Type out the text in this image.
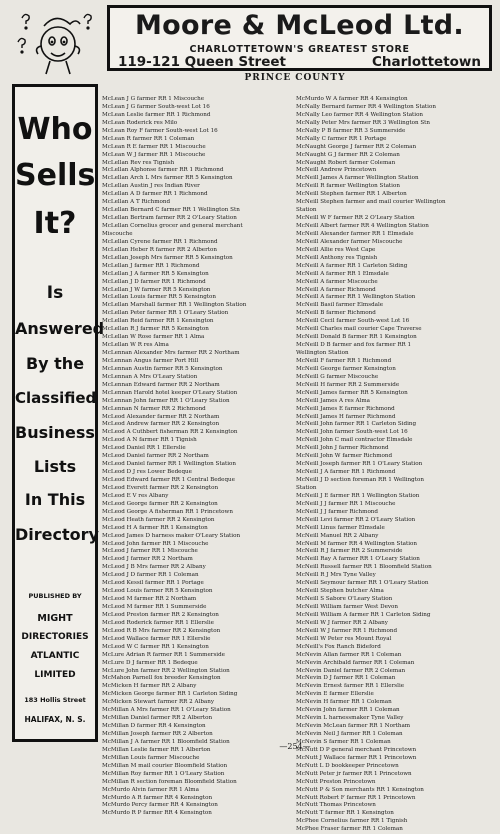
Moore & McLeod Ltd.
CHARLOTTETOWN'S GREATEST STORE
119-121 Queen Street	Charlottetown
PRINCE COUNTY
Who
Sells
It?
Is
Answered
By the
Classified
Business
Lists
In This
Directory
PUBLISHED BY
MIGHT
DIRECTORIES
ATLANTIC
LIMITED
183 Hollis Street
HALIFAX, N. S.
McLean J G farmer RR 1 Miscouche
McLean J G farmer South-west Lot 16
McLean Leslie farmer RR 1 Richmond
McLean Roderick res Milo
McLean Roy F farmer South-west Lot 16
McLean R farmer RR 1 Coleman
McLean R E farmer RR 1 Miscouche
McLean W J farmer RR 1 Miscouche
McLellan Rev res Tignish
McLellan Alphonse farmer RR 1 Richmond
McLellan Arch L Mrs farmer RR 5 Kensington
McLellan Austin J res Indian River
McLellan A D farmer RR 1 Richmond
McLellan A T Richmond
McLellan Bernard C farmer RR 1 Wellington Stn
McLellan Bertram farmer RR 2 O'Leary Station
McLellan Cornelius grocer and general merchant
Miscouche
McLellan Cyrene farmer RR 1 Richmond
McLellan Heber R farmer RR 2 Alberton
McLellan Joseph Mrs farmer RR 5 Kensington
McLellan J farmer RR 1 Richmond
McLellan J A farmer RR 5 Kensington
McLellan J D farmer RR 1 Richmond
McLellan J W farmer RR 5 Kensington
McLellan Louis farmer RR 5 Kensington
McLellan Marshall farmer RR 1 Wellington Station
McLellan Peter farmer RR 1 O'Leary Station
McLellan Reid farmer RR 1 Kensington
McLellan R J farmer RR 5 Kensington
McLellan W Rose farmer RR 1 Alma
McLellan W R res Alma
McLennan Alexander Mrs farmer RR 2 Northam
McLennan Angus farmer Port Hill
McLennan Austin farmer RR 5 Kensington
McLennan A Mrs O'Leary Station
McLennan Edward farmer RR 2 Northam
McLennan Harold hotel keeper O'Leary Station
McLennan John farmer RR 1 O'Leary Station
McLennan N farmer RR 2 Richmond
McLeod Alexander farmer RR 2 Northam
McLeod Andrew farmer RR 2 Kensington
McLeod A Cuthbert fisherman RR 2 Kensington
McLeod A N farmer RR 1 Tignish
McLeod Daniel RR 1 Ellerslie
McLeod Daniel farmer RR 2 Northam
McLeod Daniel farmer RR 1 Wellington Station
McLeod D J res Lower Bedeque
McLeod Edward farmer RR 1 Central Bedeque
McLeod Everett farmer RR 2 Kensington
McLeod E V res Albany
McLeod George farmer RR 2 Kensington
McLeod George A fisherman RR 1 Princetown
McLeod Heath farmer RR 2 Kensington
McLeod H A farmer RR 1 Kensington
McLeod James D harness maker O'Leary Station
McLeod John farmer RR 1 Miscouche
McLeod J farmer RR 1 Miscouche
McLeod J farmer RR 2 Northam
McLeod J B Mrs farmer RR 2 Albany
McLeod J D farmer RR 1 Coleman
McLeod Kessil farmer RR 1 Portage
McLeod Louis farmer RR 5 Kensington
McLeod M farmer RR 2 Northam
McLeod M farmer RR 1 Summerside
McLeod Preston farmer RR 2 Kensington
McLeod Roderick farmer RR 1 Ellerslie
McLeod R B Mrs farmer RR 2 Kensington
McLeod Wallace farmer RR 1 Ellerslie
McLeod W C farmer RR 1 Kensington
McLure Adrian R farmer RR 1 Summerside
McLure D J farmer RR 1 Bedeque
McLure John farmer RR 2 Wellington Station
McMahon Parnell fox breeder Kensington
McMicken H farmer RR 2 Albany
McMicken George farmer RR 1 Carleton Siding
McMicken Stewart farmer RR 2 Albany
McMillan A Mrs farmer RR 1 O'Leary Station
McMillan Daniel farmer RR 2 Alberton
McMillan D farmer RR 4 Kensington
McMillan Joseph farmer RR 2 Alberton
McMillan J A farmer RR 1 Bloomfield Station
McMillan Leslie farmer RR 1 Alberton
McMillan Louis farmer Miscouche
McMillan M mail courier Bloomfield Station
McMillan Roy farmer RR 1 O'Leary Station
McMillan R section foreman Bloomfield Station
McMurdo Alvin farmer RR 1 Alma
McMurdo A R farmer RR 4 Kensington
McMurdo Percy farmer RR 4 Kensington
McMurdo R P farmer RR 4 Kensington
McMurdo W A farmer RR 4 Kensington
McNally Bernard farmer RR 4 Wellington Station
McNally Leo farmer RR 4 Wellington Station
McNally Peter Mrs farmer RR 3 Wellington Stn
McNally P B farmer RR 3 Summerside
McNally C farmer RR 1 Portage
McNaught George J farmer RR 2 Coleman
McNaught G J farmer RR 2 Coleman
McNaught Robert farmer Coleman
McNeill Andrew Princetown
McNeill James A farmer Wellington Station
McNeill R farmer Wellington Station
McNeill Stephen farmer RR 1 Alberton
McNeill Stephen farmer and mail courier Wellington
Station
McNeill W F farmer RR 2 O'Leary Station
McNeill Albert farmer RR 4 Wellington Station
McNeill Alexander farmer RR 1 Elmsdale
McNeill Alexander farmer Miscouche
McNeill Allie res West Cape
McNeill Anthony res Tignish
McNeill A farmer RR 1 Carleton Siding
McNeill A farmer RR 1 Elmsdale
McNeill A farmer Miscouche
McNeill A farmer Richmond
McNeill A farmer RR 1 Wellington Station
McNeill Basil farmer Elmsdale
McNeill B farmer Richmond
McNeill Cecil farmer South-west Lot 16
McNeill Charles mail courier Cape Traverse
McNeill Donald B farmer RR 1 Kensington
McNeill D B farmer and fox farmer RR 1
Wellington Station
McNeill F farmer RR 1 Richmond
McNeill George farmer Kensington
McNeill G farmer Miscouche
McNeill H farmer RR 2 Summerside
McNeill James farmer RR 5 Kensington
McNeill James A res Alma
McNeill James E farmer Richmond
McNeill James H farmer Richmond
McNeill John farmer RR 1 Carleton Siding
McNeill John farmer South-west Lot 16
McNeill John C mail contractor Elmsdale
McNeill John J farmer Richmond
McNeill John W farmer Richmond
McNeill Joseph farmer RR 1 O'Leary Station
McNeill J A farmer RR 1 Richmond
McNeill J D section foreman RR 1 Wellington
Station
McNeill J E farmer RR 1 Wellington Station
McNeill J J farmer RR 1 Miscouche
McNeill J J farmer Richmond
McNeill Levi farmer RR 2 O'Leary Station
McNeill Linus farmer Elmsdale
McNeill Manuel RR 2 Albany
McNeill M farmer RR 4 Wellington Station
McNeill R J farmer RR 2 Summerside
McNeill Ray A farmer RR 1 O'Leary Station
McNeill Russell farmer RR 1 Bloomfield Station
McNeill R J Mrs Tyne Valley
McNeill Seymour farmer RR 1 O'Leary Station
McNeill Stephen butcher Alma
McNeill S Sabore O'Leary Station
McNeill William farmer West Devon
McNeill William A farmer RR 1 Carleton Siding
McNeill W J farmer RR 2 Albany
McNeill W J farmer RR 1 Richmond
McNeill W Peter res Mount Royal
McNeill's Fox Ranch Bideford
McNevin Allan farmer RR 1 Coleman
McNevin Archibald farmer RR 1 Coleman
McNevin Daniel farmer RR 2 Coleman
McNevin D J farmer RR 1 Coleman
McNevin Ernest farmer RR 1 Ellerslie
McNevin E farmer Ellerslie
McNevin H farmer RR 1 Coleman
McNevin John farmer RR 1 Coleman
McNevin L harnessmaker Tyne Valley
McNevin McLean farmer RR 1 Northam
McNevin Neil J farmer RR 1 Coleman
McNevin S farmer RR 1 Coleman
McNutt D P general merchant Princetown
McNutt J Wallace farmer RR 1 Princetown
McNutt L D bookkeeper Princetown
McNutt Peter jr farmer RR 1 Princetown
McNutt Preston Princetown
McNutt P & Son merchants RR 1 Kensington
McNutt Robert F farmer RR 1 Princetown
McNutt Thomas Princetown
McNutt T farmer RR 1 Kensington
McPhee Cornelius farmer RR 1 Tignish
McPhee Fraser farmer RR 1 Coleman
—254—
